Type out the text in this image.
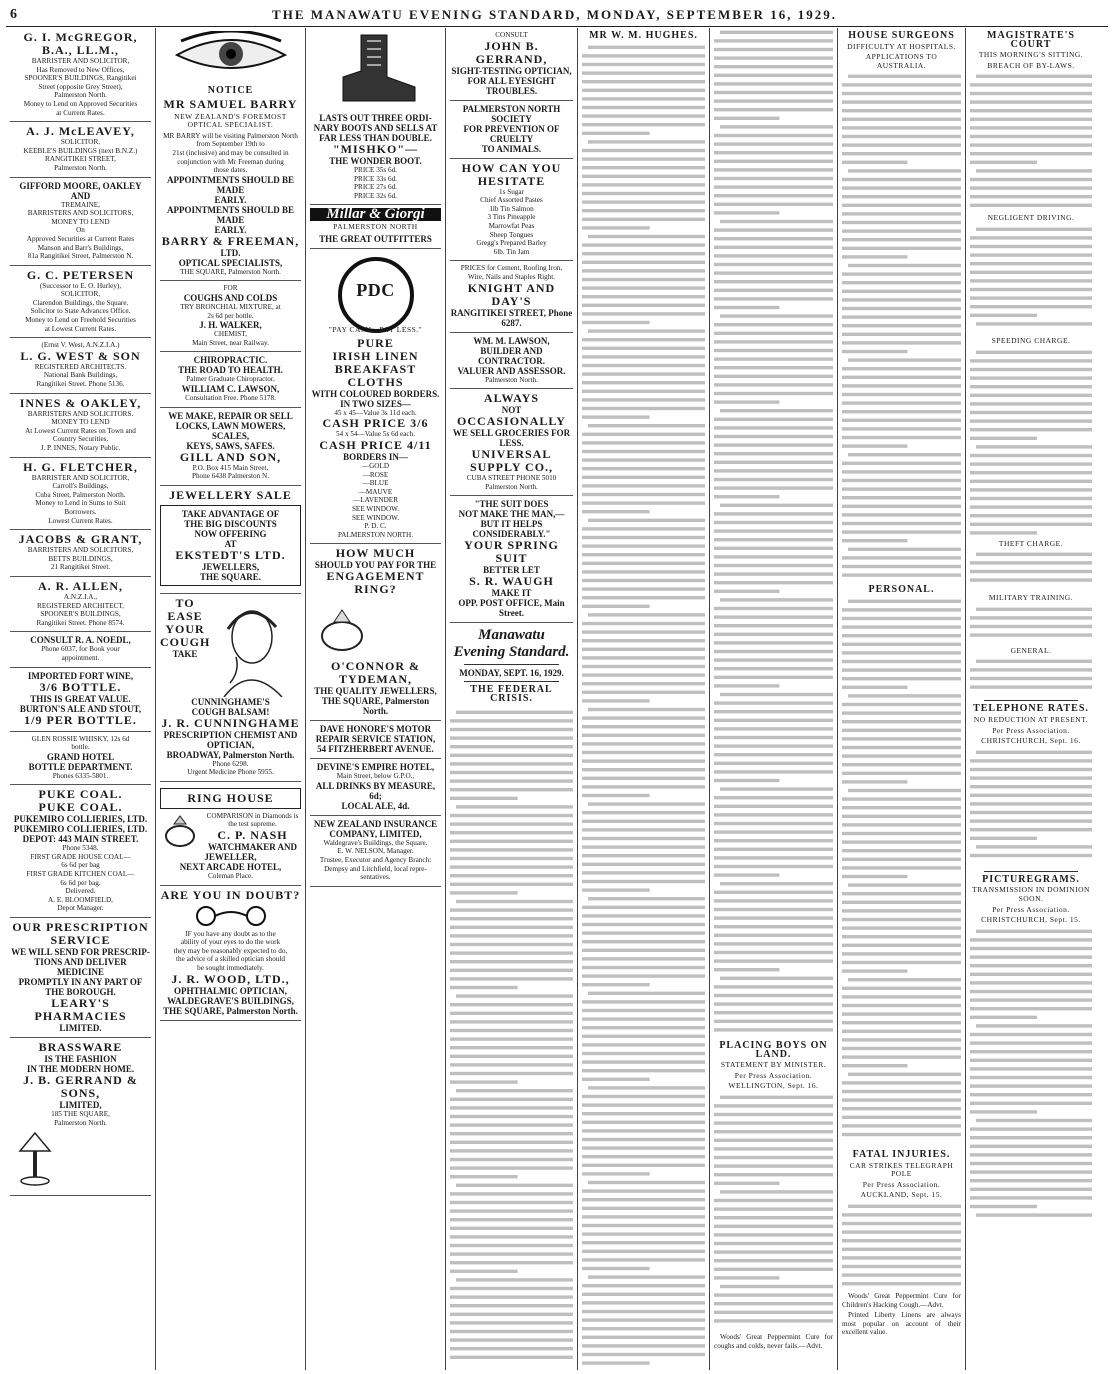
6	THE MANAWATU EVENING STANDARD, MONDAY, SEPTEMBER 16, 1929.

G. I. McGREGOR, B.A., LL.M.,

BARRISTER AND SOLICITOR,

Has Removed to New Offices,

SPOONER'S BUILDINGS, Rangitikei

Street (opposite Grey Street),

Palmerston North.

Money to Lend on Approved Securities

at Current Rates.

A. J. McLEAVEY,

SOLICITOR,

KEEBLE'S BUILDINGS (next B.N.Z.)

RANGITIKEI STREET,

Palmerston North.

GIFFORD MOORE, OAKLEY AND

TREMAINE,

BARRISTERS AND SOLICITORS,

MONEY TO LEND

On

Approved Securities at Current Rates

Manson and Barr's Buildings,

81a Rangitikei Street, Palmerston N.

G. C. PETERSEN

(Successor to E. O. Hurley),

SOLICITOR,

Clarendon Buildings, the Square.

Solicitor to State Advances Office.

Money to Lend on Freehold Securities

at Lowest Current Rates.

(Ernst V. West, A.N.Z.I.A.)

L. G. WEST & SON

REGISTERED ARCHITECTS.

National Bank Buildings,

Rangitikei Street. Phone 5136.

INNES & OAKLEY,

BARRISTERS AND SOLICITORS.

MONEY TO LEND

At Lowest Current Rates on Town and

Country Securities.

J. P. INNES, Notary Public.

H. G. FLETCHER,

BARRISTER AND SOLICITOR,

Carroll's Buildings,

Cuba Street, Palmerston North.

Money to Lend in Sums to Suit

Borrowers.

Lowest Current Rates.

JACOBS & GRANT,

BARRISTERS AND SOLICITORS,

BETTS BUILDINGS,

21 Rangitikei Street.

A. R. ALLEN,

A.N.Z.I.A.,

REGISTERED ARCHITECT,

SPOONER'S BUILDINGS,

Rangitikei Street. Phone 8574.

CONSULT R. A. NOEDL,

Phone 6037, for Book your

appointment.

IMPORTED FORT WINE,

3/6 BOTTLE.

THIS IS GREAT VALUE.

BURTON'S ALE AND STOUT,

1/9 PER BOTTLE.

GLEN ROSSIE WHISKY, 12s 6d

bottle.

GRAND HOTEL

BOTTLE DEPARTMENT.

Phones 6335-5801.

PUKE COAL.

PUKE COAL.

PUKEMIRO COLLIERIES, LTD.

PUKEMIRO COLLIERIES, LTD.

DEPOT: 443 MAIN STREET.

Phone 5348.

FIRST GRADE HOUSE COAL—

6s 6d per bag

FIRST GRADE KITCHEN COAL—

6s 6d per bag.

Delivered.

A. E. BLOOMFIELD,

Depot Manager.

OUR PRESCRIPTION

SERVICE

WE WILL SEND FOR PRESCRIP-

TIONS AND DELIVER MEDICINE

PROMPTLY IN ANY PART OF

THE BOROUGH.

LEARY'S PHARMACIES

LIMITED.

BRASSWARE

IS THE FASHION

IN THE MODERN HOME.

J. B. GERRAND & SONS,

LIMITED,

185 THE SQUARE,

Palmerston North.

NOTICE
MR SAMUEL BARRY
NEW ZEALAND'S FOREMOST OPTICAL SPECIALIST.

MR BARRY will be visiting Palmerston North from September 19th to

21st (inclusive) and may be consulted in

conjunction with Mr Freeman during

those dates.

APPOINTMENTS SHOULD BE MADE

EARLY.

APPOINTMENTS SHOULD BE MADE

EARLY.

BARRY & FREEMAN,

LTD.

OPTICAL SPECIALISTS,

THE SQUARE, Palmerston North.

FOR

COUGHS AND COLDS

TRY BRONCHIAL MIXTURE, at

2s 6d per bottle.

J. H. WALKER,

CHEMIST,

Main Street, near Railway.

CHIROPRACTIC.

THE ROAD TO HEALTH.

Palmer Graduate Chiropractor,

WILLIAM C. LAWSON,

Consultation Free. Phone 5178.

WE MAKE, REPAIR OR SELL

LOCKS, LAWN MOWERS, SCALES,

KEYS, SAWS, SAFES.

GILL AND SON,

P.O. Box 415 Main Street,

Phone 6438 Palmerston N.

JEWELLERY SALE

TAKE ADVANTAGE OF

THE BIG DISCOUNTS

NOW OFFERING

AT

EKSTEDT'S LTD.

JEWELLERS,

THE SQUARE.

TO

EASE

YOUR

COUGH

TAKE

CUNNINGHAME'S

COUGH BALSAM!

J. R. CUNNINGHAME

PRESCRIPTION CHEMIST AND

OPTICIAN,

BROADWAY, Palmerston North.

Phone 6298.

Urgent Medicine Phone 5955.

RING HOUSE

COMPARISON in Diamonds is

the test supreme.

C. P. NASH

WATCHMAKER AND JEWELLER,

NEXT ARCADE HOTEL,

Coleman Place.

ARE YOU IN DOUBT?

IF you have any doubt as to the

ability of your eyes to do the work

they may be reasonably expected to do,

the advice of a skilled optician should

be sought immediately.

J. R. WOOD, LTD.,

OPHTHALMIC OPTICIAN,

WALDEGRAVE'S BUILDINGS,

THE SQUARE, Palmerston North.

LASTS OUT THREE ORDI-

NARY BOOTS AND SELLS AT

FAR LESS THAN DOUBLE.

"MISHKO"—

THE WONDER BOOT.

PRICE 35s 6d.

PRICE 33s 6d.

PRICE 27s 6d.

PRICE 32s 6d.

Millar & Giorgi
PALMERSTON NORTH
THE GREAT OUTFITTERS
PDC
"PAY CASH—PAY LESS."

PURE

IRISH LINEN

BREAKFAST

CLOTHS

WITH COLOURED BORDERS.

IN TWO SIZES—

45 x 45—Value 3s 11d each.

CASH PRICE 3/6

54 x 54—Value 5s 6d each.

CASH PRICE 4/11

BORDERS IN—

—GOLD

—ROSE

—BLUE

—MAUVE

—LAVENDER

SEE WINDOW.

SEE WINDOW.

P. D. C.

PALMERSTON NORTH.

HOW MUCH

SHOULD YOU PAY FOR THE

ENGAGEMENT

RING?

O'CONNOR & TYDEMAN,

THE QUALITY JEWELLERS,

THE SQUARE, Palmerston North.

DAVE HONORE'S MOTOR

REPAIR SERVICE STATION,

54 FITZHERBERT AVENUE.

DEVINE'S EMPIRE HOTEL,

Main Street, below G.P.O.,

ALL DRINKS BY MEASURE, 6d;

LOCAL ALE, 4d.

NEW ZEALAND INSURANCE

COMPANY, LIMITED,

Waldegrave's Buildings, the Square.

E. W. NELSON, Manager.

Trustee, Executor and Agency Branch:

Dempsy and Litchfield, local repre-

sentatives.

CONSULT

JOHN B. GERRAND,

SIGHT-TESTING OPTICIAN,

FOR ALL EYESIGHT TROUBLES.

PALMERSTON NORTH SOCIETY

FOR PREVENTION OF CRUELTY

TO ANIMALS.

HOW CAN YOU

HESITATE

1s Sugar

Chief Assorted Pastes

1lb Tin Salmon

3 Tins Pineapple

Marrowfat Peas

Sheep Tongues

Gregg's Prepared Barley

6lb. Tin Jam

PRICES for Cement, Roofing Iron,

Wire, Nails and Staples Right.

KNIGHT AND DAY'S

RANGITIKEI STREET, Phone 6287.

WM. M. LAWSON,

BUILDER AND CONTRACTOR.

VALUER AND ASSESSOR.

Palmerston North.

ALWAYS

NOT

OCCASIONALLY

WE SELL GROCERIES FOR LESS.

UNIVERSAL SUPPLY CO.,

CUBA STREET PHONE 5010

Palmerston North.

"THE SUIT DOES

NOT MAKE THE MAN,—

BUT IT HELPS

CONSIDERABLY."

YOUR SPRING SUIT

BETTER LET

S. R. WAUGH

MAKE IT

OPP. POST OFFICE, Main Street.

Manawatu
Evening Standard.
MONDAY, SEPT. 16, 1929.
THE FEDERAL CRISIS.
MR W. M. HUGHES.
PLACING BOYS ON LAND.
STATEMENT BY MINISTER.
Per Press Association.
WELLINGTON, Sept. 16.
Woods' Great Peppermint Cure for coughs and colds, never fails.—Advt.
HOUSE SURGEONS
DIFFICULTY AT HOSPITALS.
APPLICATIONS TO AUSTRALIA.
PERSONAL.
FATAL INJURIES.
CAR STRIKES TELEGRAPH POLE
Per Press Association.
AUCKLAND, Sept. 15.
Woods' Great Peppermint Cure for Children's Hacking Cough.—Advt.
Printed Liberty Linens are always most popular on account of their excellent value.
MAGISTRATE'S COURT
THIS MORNING'S SITTING.
BREACH OF BY-LAWS.
NEGLIGENT DRIVING.
SPEEDING CHARGE.
THEFT CHARGE.
MILITARY TRAINING.
GENERAL.
TELEPHONE RATES.
NO REDUCTION AT PRESENT.
Per Press Association.
CHRISTCHURCH, Sept. 16.
PICTUREGRAMS.
TRANSMISSION IN DOMINION SOON.
Per Press Association.
CHRISTCHURCH, Sept. 15.
